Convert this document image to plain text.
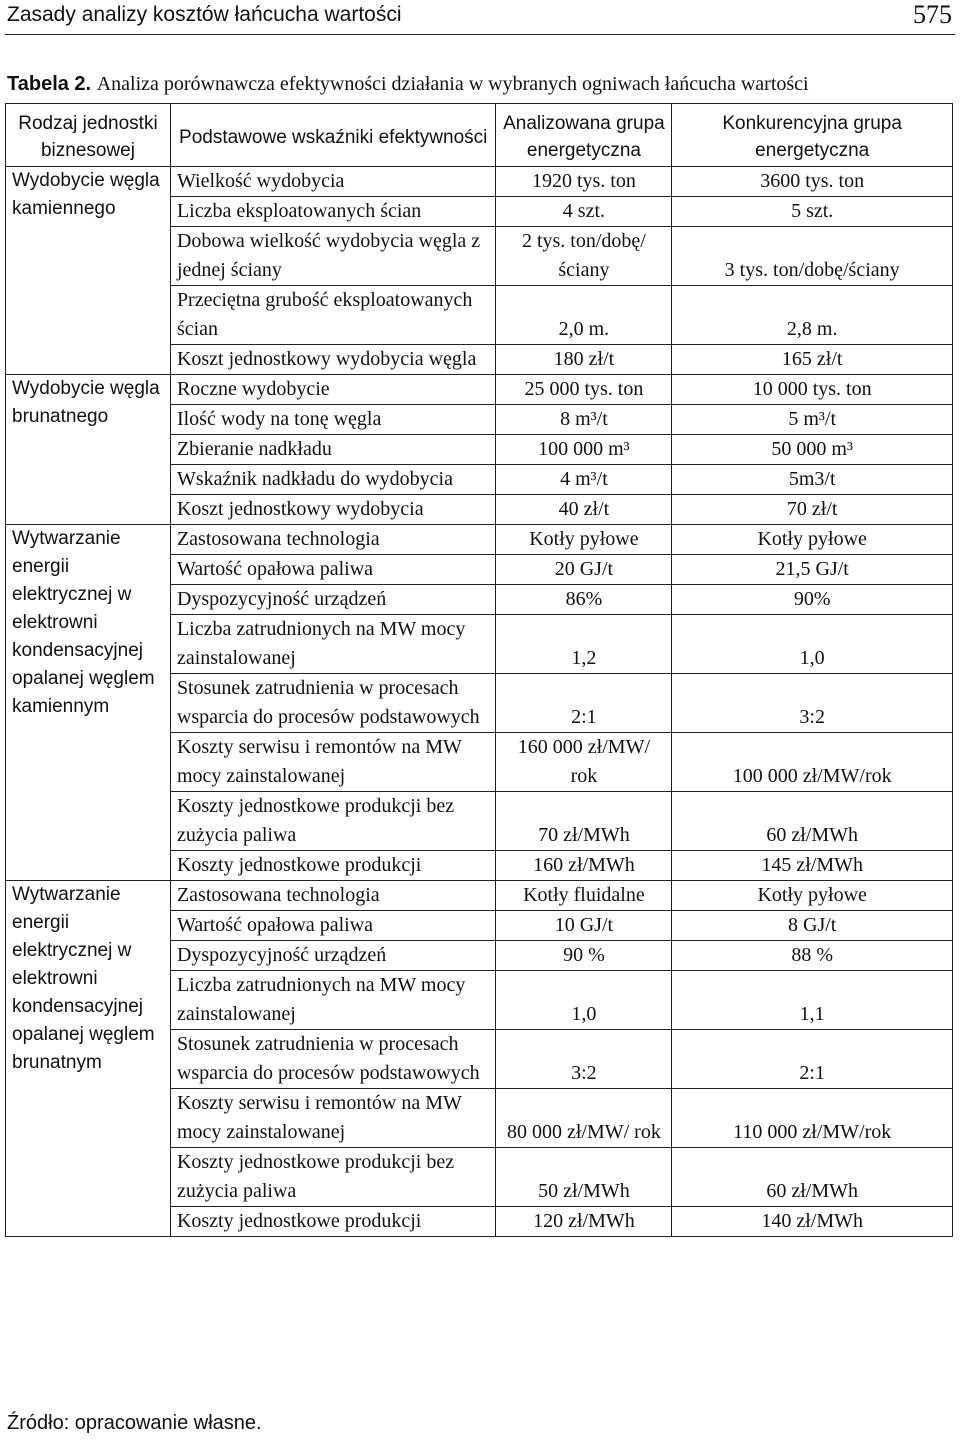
Zasady analizy kosztów łańcucha wartości	575
Tabela 2. Analiza porównawcza efektywności działania w wybranych ogniwach łańcucha wartości
Rodzaj jednostki biznesowej	Podstawowe wskaźniki efektywności	Analizowana grupa energetyczna	Konkurencyjna grupa energetyczna
Wydobycie węgla kamiennego	Wielkość wydobycia	1920 tys. ton	3600 tys. ton
	Liczba eksploatowanych ścian	4 szt.	5 szt.
	Dobowa wielkość wydobycia węgla z jednej ściany	2 tys. ton/dobę/ ściany	3 tys. ton/dobę/ściany
	Przeciętna grubość eksploatowanych ścian	2,0 m.	2,8 m.
	Koszt jednostkowy wydobycia węgla	180 zł/t	165 zł/t
Wydobycie węgla brunatnego	Roczne wydobycie	25 000 tys. ton	10 000 tys. ton
	Ilość wody na tonę węgla	8 m³/t	5 m³/t
	Zbieranie nadkładu	100 000 m³	50 000 m³
	Wskaźnik nadkładu do wydobycia	4 m³/t	5m3/t
	Koszt jednostkowy wydobycia	40 zł/t	70 zł/t
Wytwarzanie energii elektrycznej w elektrowni kondensacyjnej opalanej węglem kamiennym	Zastosowana technologia	Kotły pyłowe	Kotły pyłowe
	Wartość opałowa paliwa	20 GJ/t	21,5 GJ/t
	Dyspozycyjność urządzeń	86%	90%
	Liczba zatrudnionych na MW mocy zainstalowanej	1,2	1,0
	Stosunek zatrudnienia w procesach wsparcia do procesów podstawowych	2:1	3:2
	Koszty serwisu i remontów na MW mocy zainstalowanej	160 000 zł/MW/ rok	100 000 zł/MW/rok
	Koszty jednostkowe produkcji bez zużycia paliwa	70 zł/MWh	60 zł/MWh
	Koszty jednostkowe produkcji	160 zł/MWh	145 zł/MWh
Wytwarzanie energii elektrycznej w elektrowni kondensacyjnej opalanej węglem brunatnym	Zastosowana technologia	Kotły fluidalne	Kotły pyłowe
	Wartość opałowa paliwa	10 GJ/t	8 GJ/t
	Dyspozycyjność urządzeń	90 %	88 %
	Liczba zatrudnionych na MW mocy zainstalowanej	1,0	1,1
	Stosunek zatrudnienia w procesach wsparcia do procesów podstawowych	3:2	2:1
	Koszty serwisu i remontów na MW mocy zainstalowanej	80 000 zł/MW/ rok	110 000 zł/MW/rok
	Koszty jednostkowe produkcji bez zużycia paliwa	50 zł/MWh	60 zł/MWh
	Koszty jednostkowe produkcji	120 zł/MWh	140 zł/MWh
Źródło: opracowanie własne.
